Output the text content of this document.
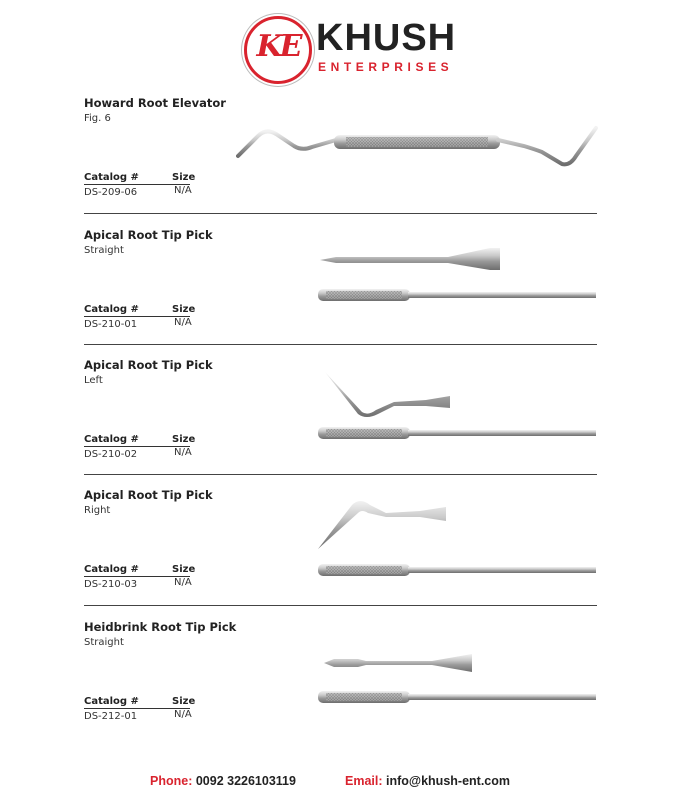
KE KHUSH
ENTERPRISES
Howard Root Elevator
Fig. 6
Catalog #	Size
DS-209-06	N/A
Apical Root Tip Pick
Straight
Catalog #	Size
DS-210-01	N/A
Apical Root Tip Pick
Left
Catalog #	Size
DS-210-02	N/A
Apical Root Tip Pick
Right
Catalog #	Size
DS-210-03	N/A
Heidbrink Root Tip Pick
Straight
Catalog #	Size
DS-212-01	N/A
Phone: 0092 3226103119	Email: info@khush-ent.com
